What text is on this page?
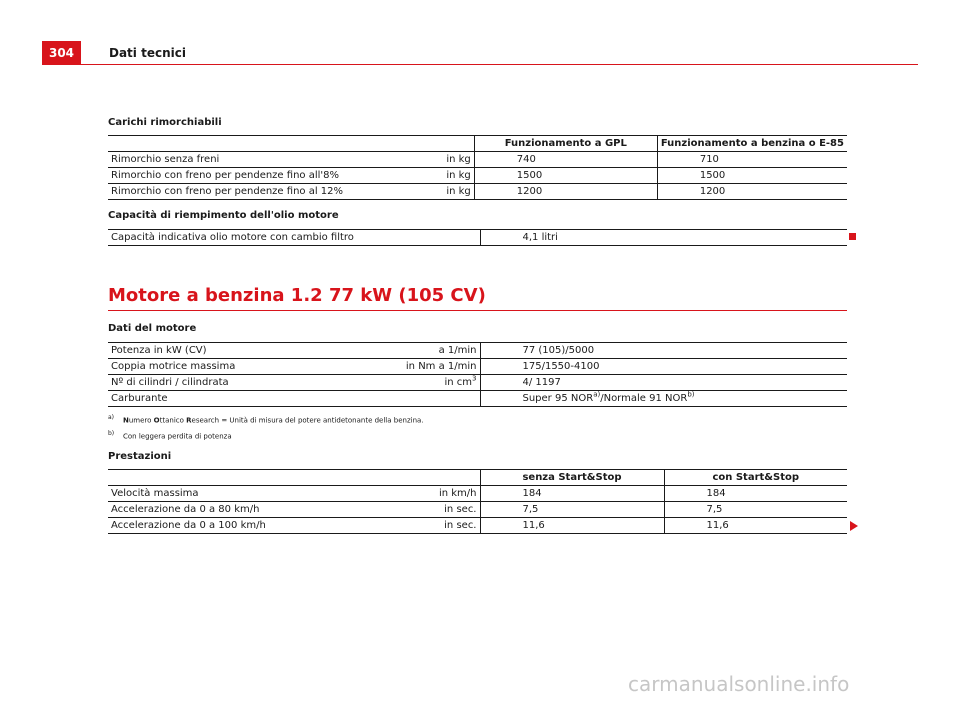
304	Dati tecnici
Carichi rimorchiabili
	Funzionamento a GPL	Funzionamento a benzina o E-85

Rimorchio senza freni in kg	740	710

Rimorchio con freno per pendenze fino all'8% in kg	1500	1500

Rimorchio con freno per pendenze fino al 12% in kg	1200	1200
Capacità di riempimento dell'olio motore
Capacità indicativa olio motore con cambio filtro	4,1 litri
Motore a benzina 1.2 77 kW (105 CV)
Dati del motore
Potenza in kW (CV) a 1/min	77 (105)/5000

Coppia motrice massima in Nm a 1/min	175/1550-4100

Nº di cilindri / cilindrata in $cm^3$	4/ 1197
Carburante	Super 95 NOR$^{a)}$/Normale 91 NOR$^{b)}$
a) Numero Ottanico Research = Unità di misura del potere antidetonante della benzina.
b) Con leggera perdita di potenza
Prestazioni
	senza Start&Stop	con Start&Stop

Velocità massima in km/h	184	184

Accelerazione da 0 a 80 km/h in sec.	7,5	7,5

Accelerazione da 0 a 100 km/h in sec.	11,6	11,6
carmanualsonline.info
